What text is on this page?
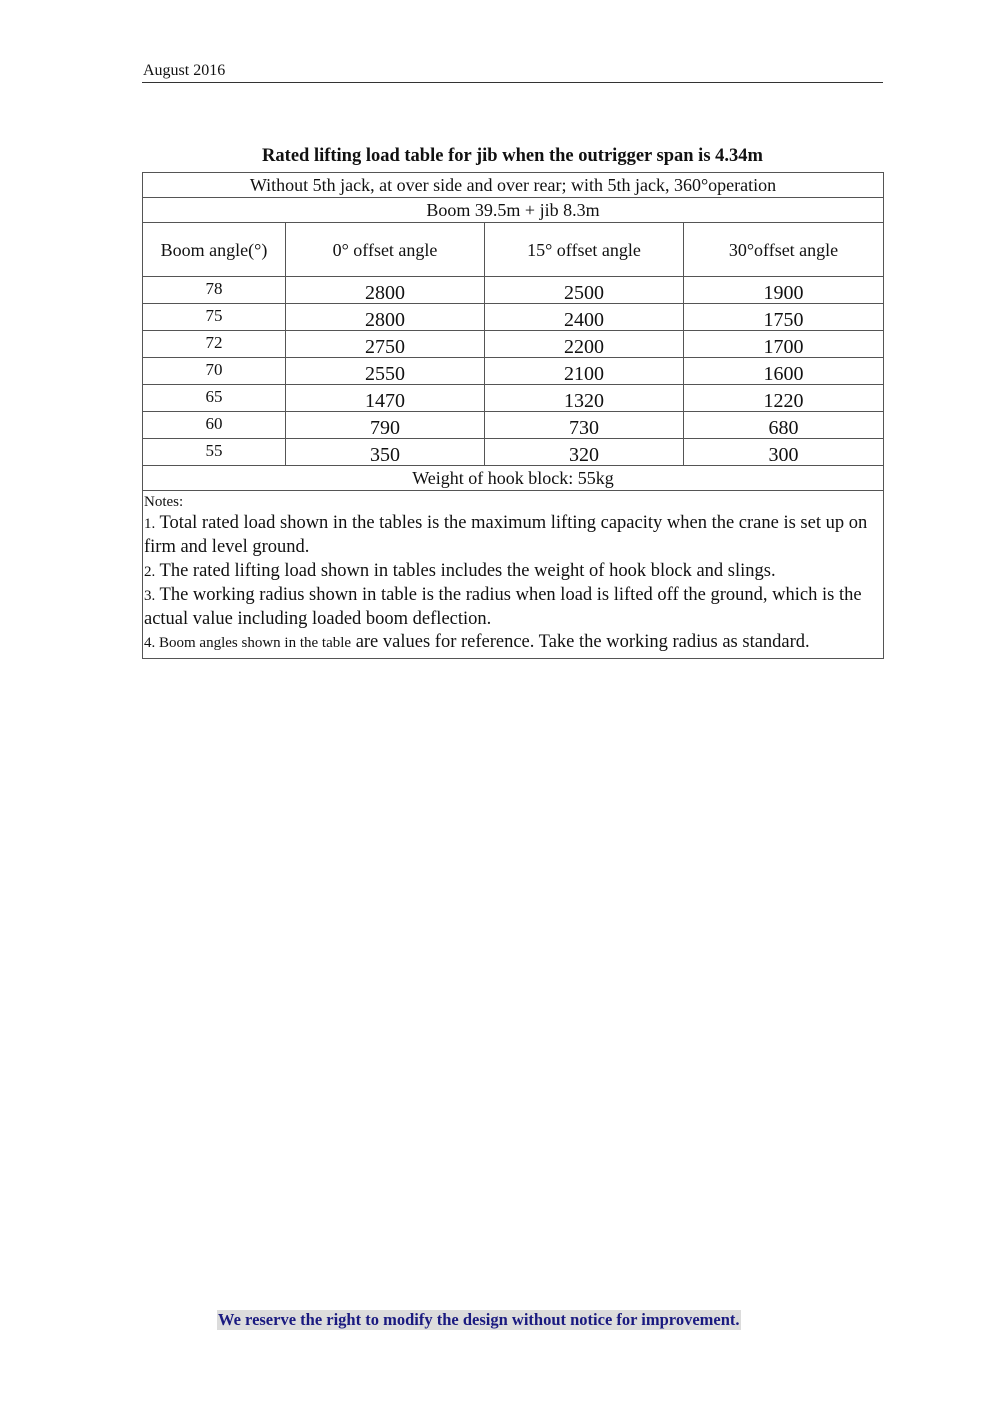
August 2016
Rated lifting load table for jib when the outrigger span is 4.34m
Without 5th jack, at over side and over rear; with 5th jack, 360°operation			
Boom 39.5m + jib 8.3m			
Boom angle(°)	0° offset angle	15° offset angle	30°offset angle
78	2800	2500	1900
75	2800	2400	1750
72	2750	2200	1700
70	2550	2100	1600
65	1470	1320	1220
60	790	730	680
55	350	320	300
Weight of hook block: 55kg			

Notes:
1. Total rated load shown in the tables is the maximum lifting capacity when the crane is set up on firm and level ground.
2. The rated lifting load shown in tables includes the weight of hook block and slings.
3. The working radius shown in table is the radius when load is lifted off the ground, which is the actual value including loaded boom deflection.
4. Boom angles shown in the table are values for reference. Take the working radius as standard.			
We reserve the right to modify the design without notice for improvement.
